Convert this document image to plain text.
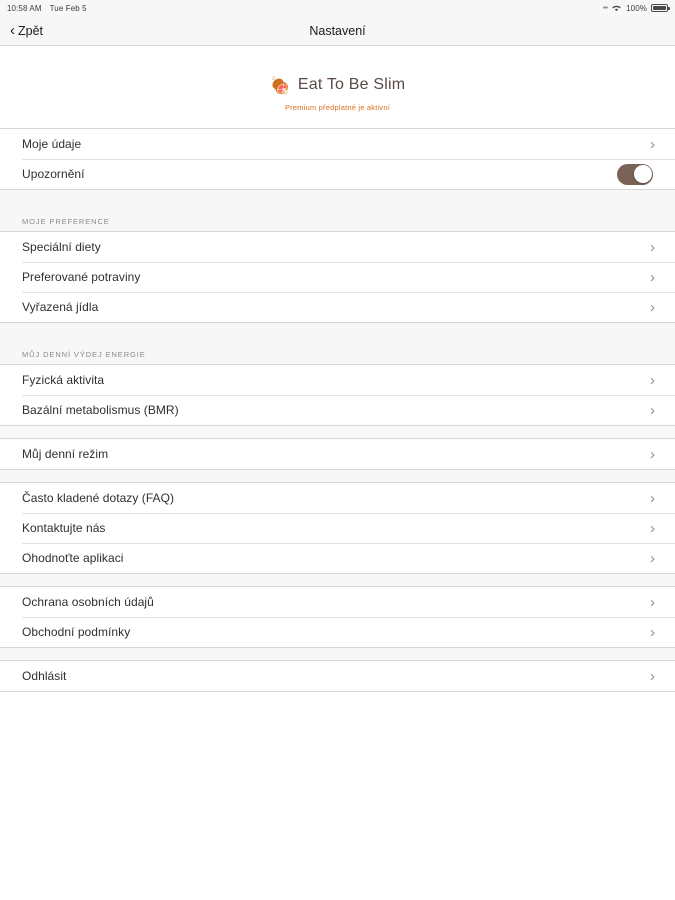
10:58 AM Tue Feb 5	••• 100%
‹ Zpět	Nastavení
🍖 Eat To Be Slim
Premium předplatné je aktivní
Moje údaje	›
Upozornění
MOJE PREFERENCE
Speciální diety	›
Preferované potraviny	›
Vyřazená jídla	›
MŮJ DENNÍ VÝDEJ ENERGIE
Fyzická aktivita	›
Bazální metabolismus (BMR)	›
Můj denní režim	›
Často kladené dotazy (FAQ)	›
Kontaktujte nás	›
Ohodnoťte aplikaci	›
Ochrana osobních údajů	›
Obchodní podmínky	›
Odhlásit	›
